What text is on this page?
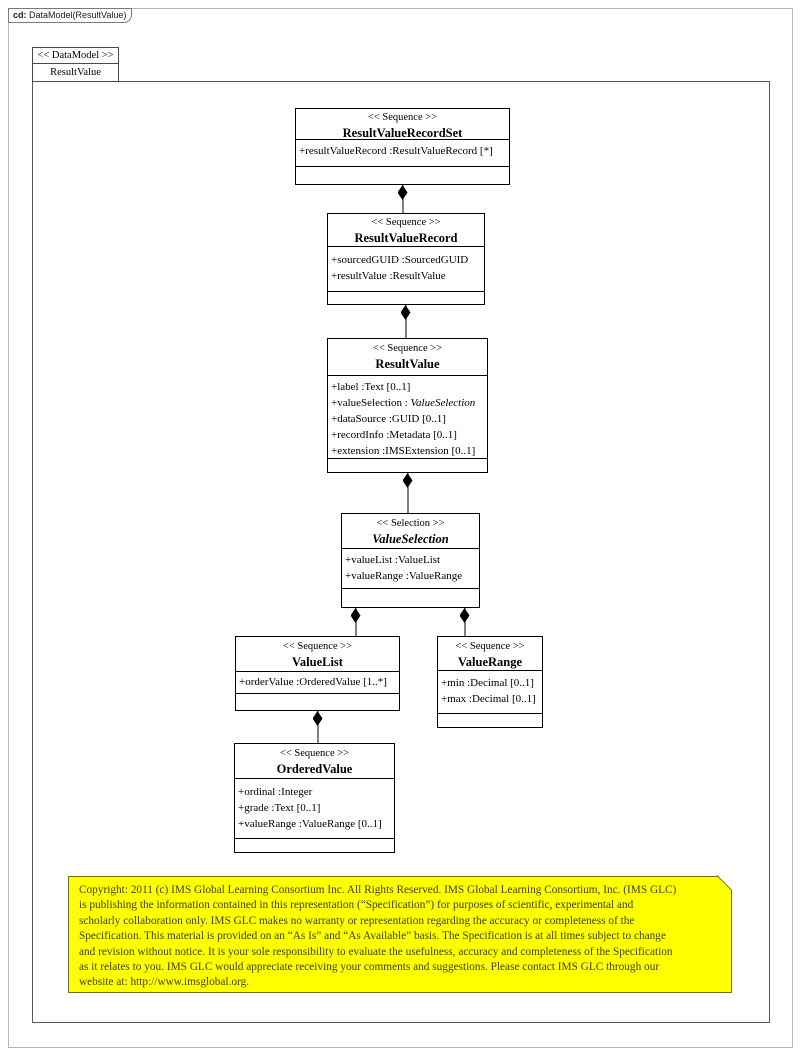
cd: DataModel(ResultValue)
<< DataModel >>
ResultValue
<< Sequence >>
ResultValueRecordSet
+resultValueRecord :ResultValueRecord [*]
<< Sequence >>
ResultValueRecord
+sourcedGUID :SourcedGUID
+resultValue :ResultValue
<< Sequence >>
ResultValue
+label :Text [0..1]
+valueSelection : ValueSelection
+dataSource :GUID [0..1]
+recordInfo :Metadata [0..1]
+extension :IMSExtension [0..1]
<< Selection >>
ValueSelection
+valueList :ValueList
+valueRange :ValueRange
<< Sequence >>
ValueList
+orderValue :OrderedValue [1..*]
<< Sequence >>
ValueRange
+min :Decimal [0..1]
+max :Decimal [0..1]
<< Sequence >>
OrderedValue
+ordinal :Integer
+grade :Text [0..1]
+valueRange :ValueRange [0..1]
Copyright: 2011 (c) IMS Global Learning Consortium Inc. All Rights Reserved. IMS Global Learning Consortium, Inc. (IMS GLC)
is publishing the information contained in this representation (“Specification”) for purposes of scientific, experimental and
scholarly collaboration only. IMS GLC makes no warranty or representation regarding the accuracy or completeness of the
Specification. This material is provided on an “As Is” and “As Available” basis. The Specification is at all times subject to change
and revision without notice. It is your sole responsibility to evaluate the usefulness, accuracy and completeness of the Specification
as it relates to you. IMS GLC would appreciate receiving your comments and suggestions. Please contact IMS GLC through our
website at: http://www.imsglobal.org.
